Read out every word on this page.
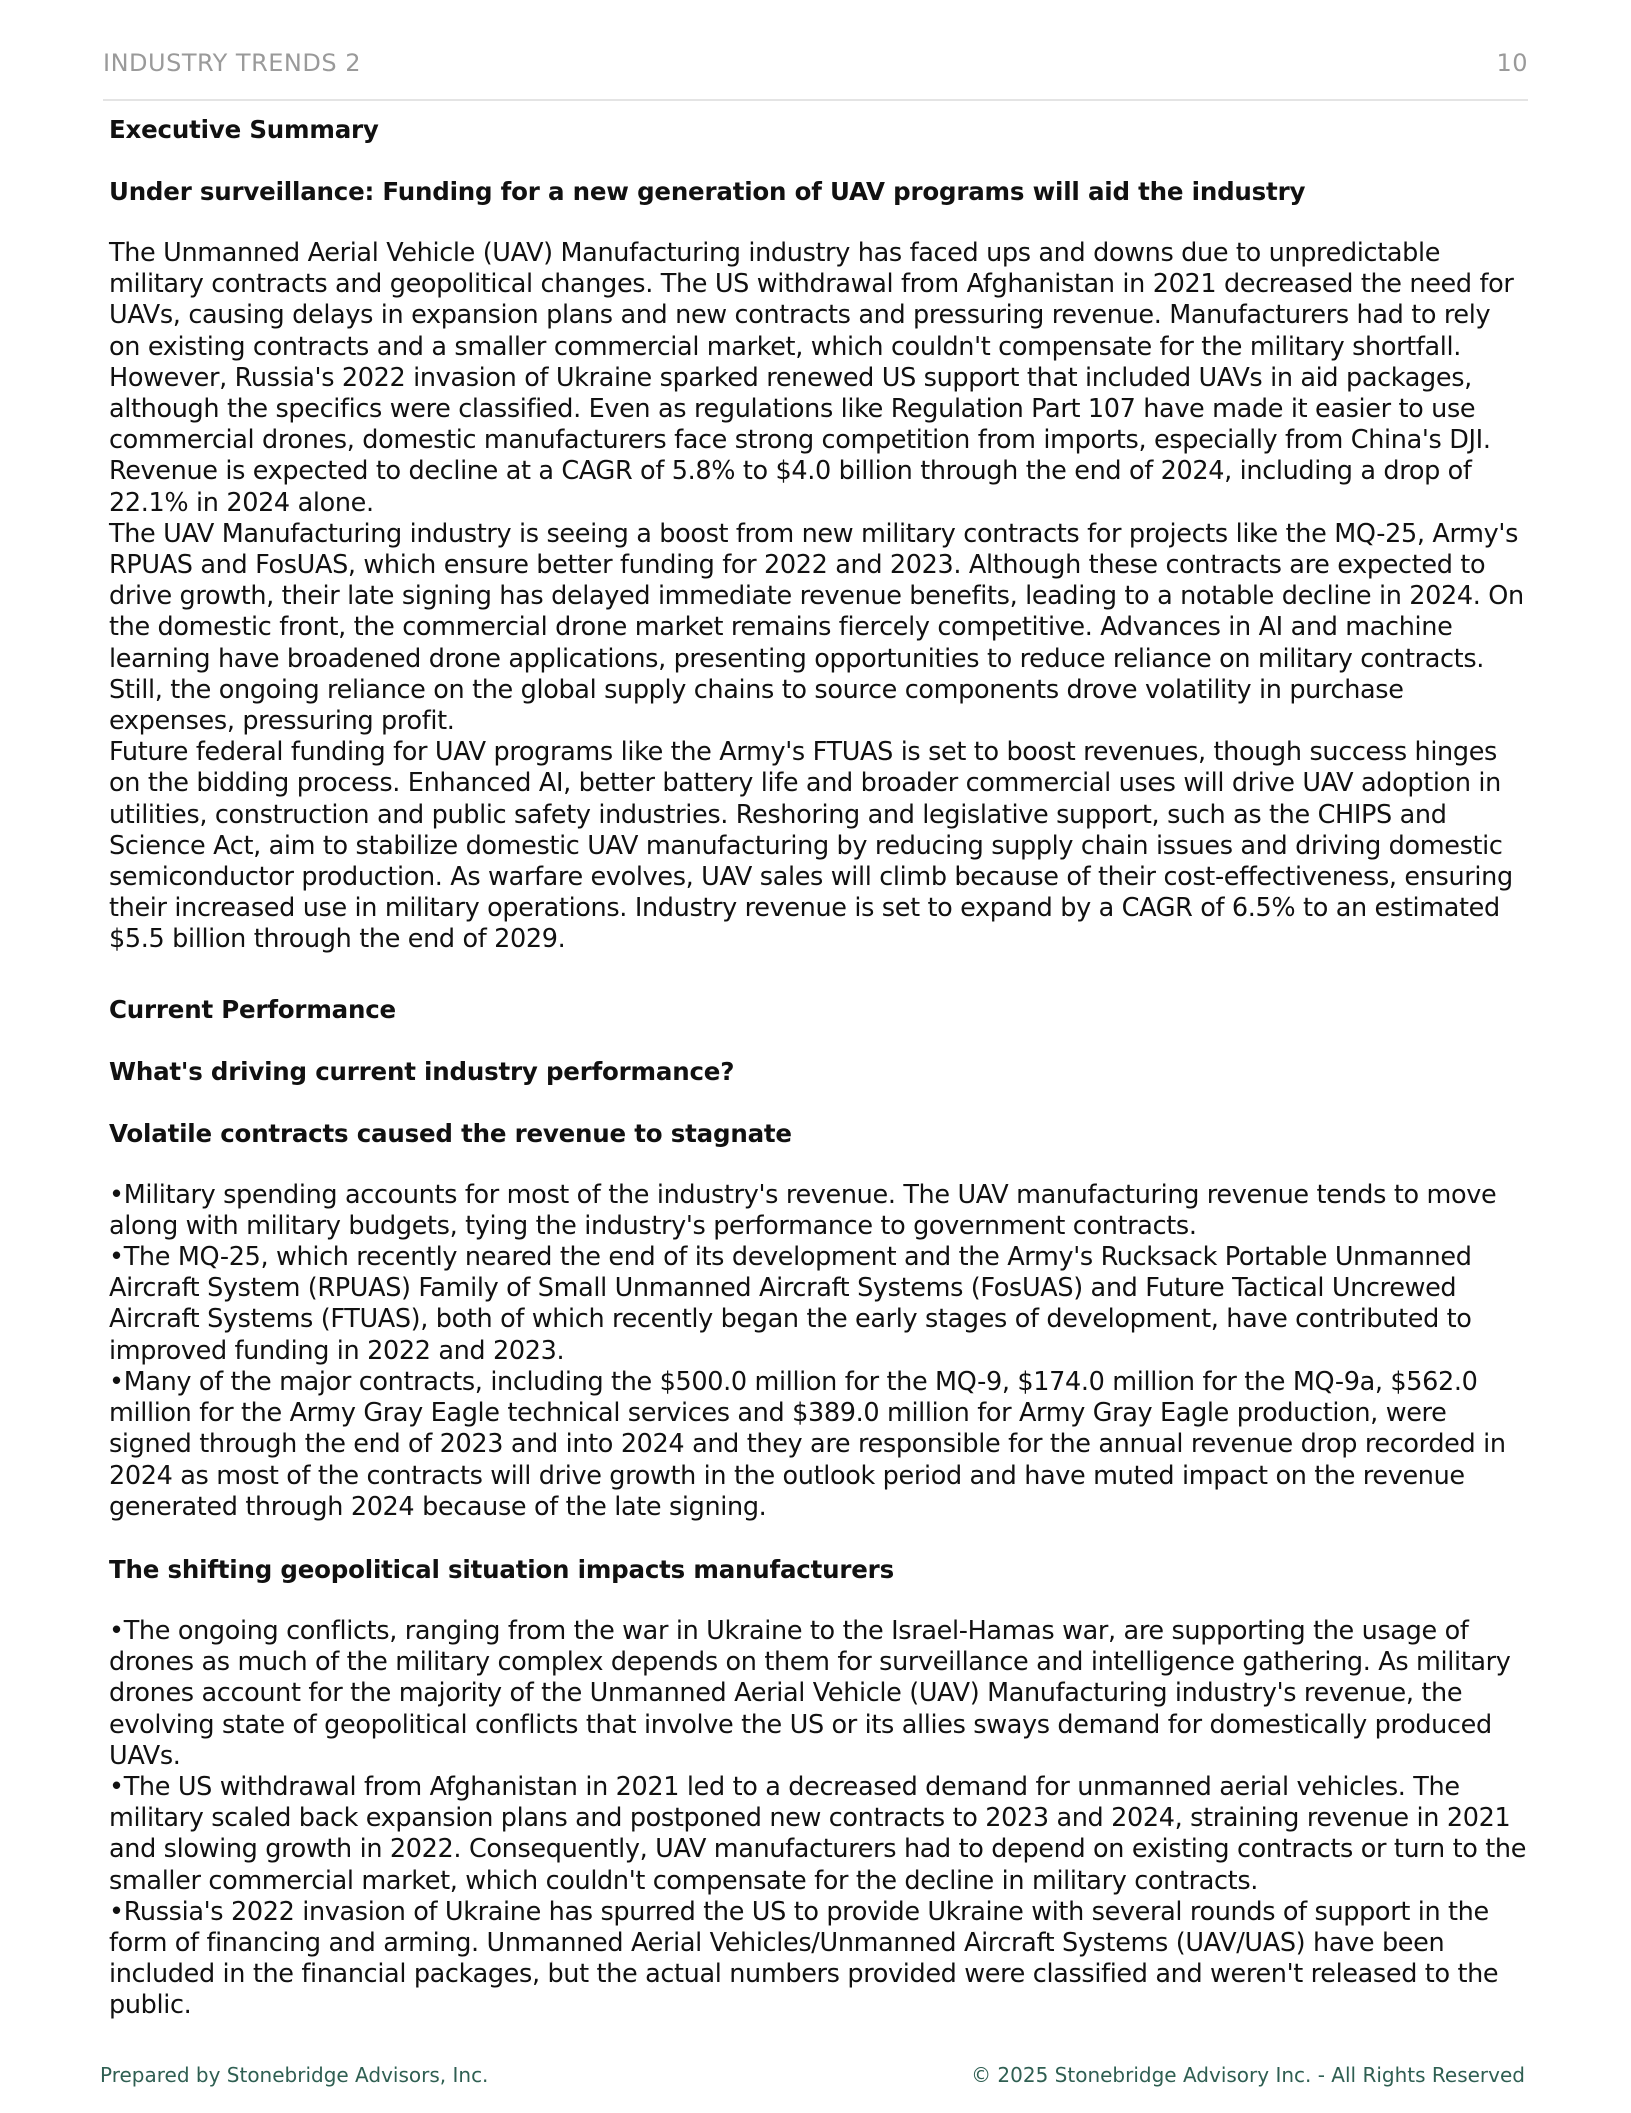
INDUSTRY TRENDS 2	10
Executive Summary
Under surveillance: Funding for a new generation of UAV programs will aid the industry

The Unmanned Aerial Vehicle (UAV) Manufacturing industry has faced ups and downs due to unpredictable military contracts and geopolitical changes. The US withdrawal from Afghanistan in 2021 decreased the need for UAVs, causing delays in expansion plans and new contracts and pressuring revenue. Manufacturers had to rely on existing contracts and a smaller commercial market, which couldn't compensate for the military shortfall. However, Russia's 2022 invasion of Ukraine sparked renewed US support that included UAVs in aid packages, although the specifics were classified. Even as regulations like Regulation Part 107 have made it easier to use commercial drones, domestic manufacturers face strong competition from imports, especially from China's DJI. Revenue is expected to decline at a CAGR of 5.8% to $4.0 billion through the end of 2024, including a drop of 22.1% in 2024 alone.

The UAV Manufacturing industry is seeing a boost from new military contracts for projects like the MQ-25, Army's RPUAS and FosUAS, which ensure better funding for 2022 and 2023. Although these contracts are expected to drive growth, their late signing has delayed immediate revenue benefits, leading to a notable decline in 2024. On the domestic front, the commercial drone market remains fiercely competitive. Advances in AI and machine learning have broadened drone applications, presenting opportunities to reduce reliance on military contracts. Still, the ongoing reliance on the global supply chains to source components drove volatility in purchase expenses, pressuring profit.

Future federal funding for UAV programs like the Army's FTUAS is set to boost revenues, though success hinges on the bidding process. Enhanced AI, better battery life and broader commercial uses will drive UAV adoption in utilities, construction and public safety industries. Reshoring and legislative support, such as the CHIPS and Science Act, aim to stabilize domestic UAV manufacturing by reducing supply chain issues and driving domestic semiconductor production. As warfare evolves, UAV sales will climb because of their cost-effectiveness, ensuring their increased use in military operations. Industry revenue is set to expand by a CAGR of 6.5% to an estimated $5.5 billion through the end of 2029.

Current Performance
What's driving current industry performance?
Volatile contracts caused the revenue to stagnate

•Military spending accounts for most of the industry's revenue. The UAV manufacturing revenue tends to move along with military budgets, tying the industry's performance to government contracts.

•The MQ-25, which recently neared the end of its development and the Army's Rucksack Portable Unmanned Aircraft System (RPUAS) Family of Small Unmanned Aircraft Systems (FosUAS) and Future Tactical Uncrewed Aircraft Systems (FTUAS), both of which recently began the early stages of development, have contributed to improved funding in 2022 and 2023.

•Many of the major contracts, including the $500.0 million for the MQ-9, $174.0 million for the MQ-9a, $562.0 million for the Army Gray Eagle technical services and $389.0 million for Army Gray Eagle production, were signed through the end of 2023 and into 2024 and they are responsible for the annual revenue drop recorded in 2024 as most of the contracts will drive growth in the outlook period and have muted impact on the revenue generated through 2024 because of the late signing.

The shifting geopolitical situation impacts manufacturers

•The ongoing conflicts, ranging from the war in Ukraine to the Israel-Hamas war, are supporting the usage of drones as much of the military complex depends on them for surveillance and intelligence gathering. As military drones account for the majority of the Unmanned Aerial Vehicle (UAV) Manufacturing industry's revenue, the evolving state of geopolitical conflicts that involve the US or its allies sways demand for domestically produced UAVs.

•The US withdrawal from Afghanistan in 2021 led to a decreased demand for unmanned aerial vehicles. The military scaled back expansion plans and postponed new contracts to 2023 and 2024, straining revenue in 2021 and slowing growth in 2022. Consequently, UAV manufacturers had to depend on existing contracts or turn to the smaller commercial market, which couldn't compensate for the decline in military contracts.

•Russia's 2022 invasion of Ukraine has spurred the US to provide Ukraine with several rounds of support in the form of financing and arming. Unmanned Aerial Vehicles/Unmanned Aircraft Systems (UAV/UAS) have been included in the financial packages, but the actual numbers provided were classified and weren't released to the public.

Prepared by Stonebridge Advisors, Inc.	© 2025 Stonebridge Advisory Inc. - All Rights Reserved
